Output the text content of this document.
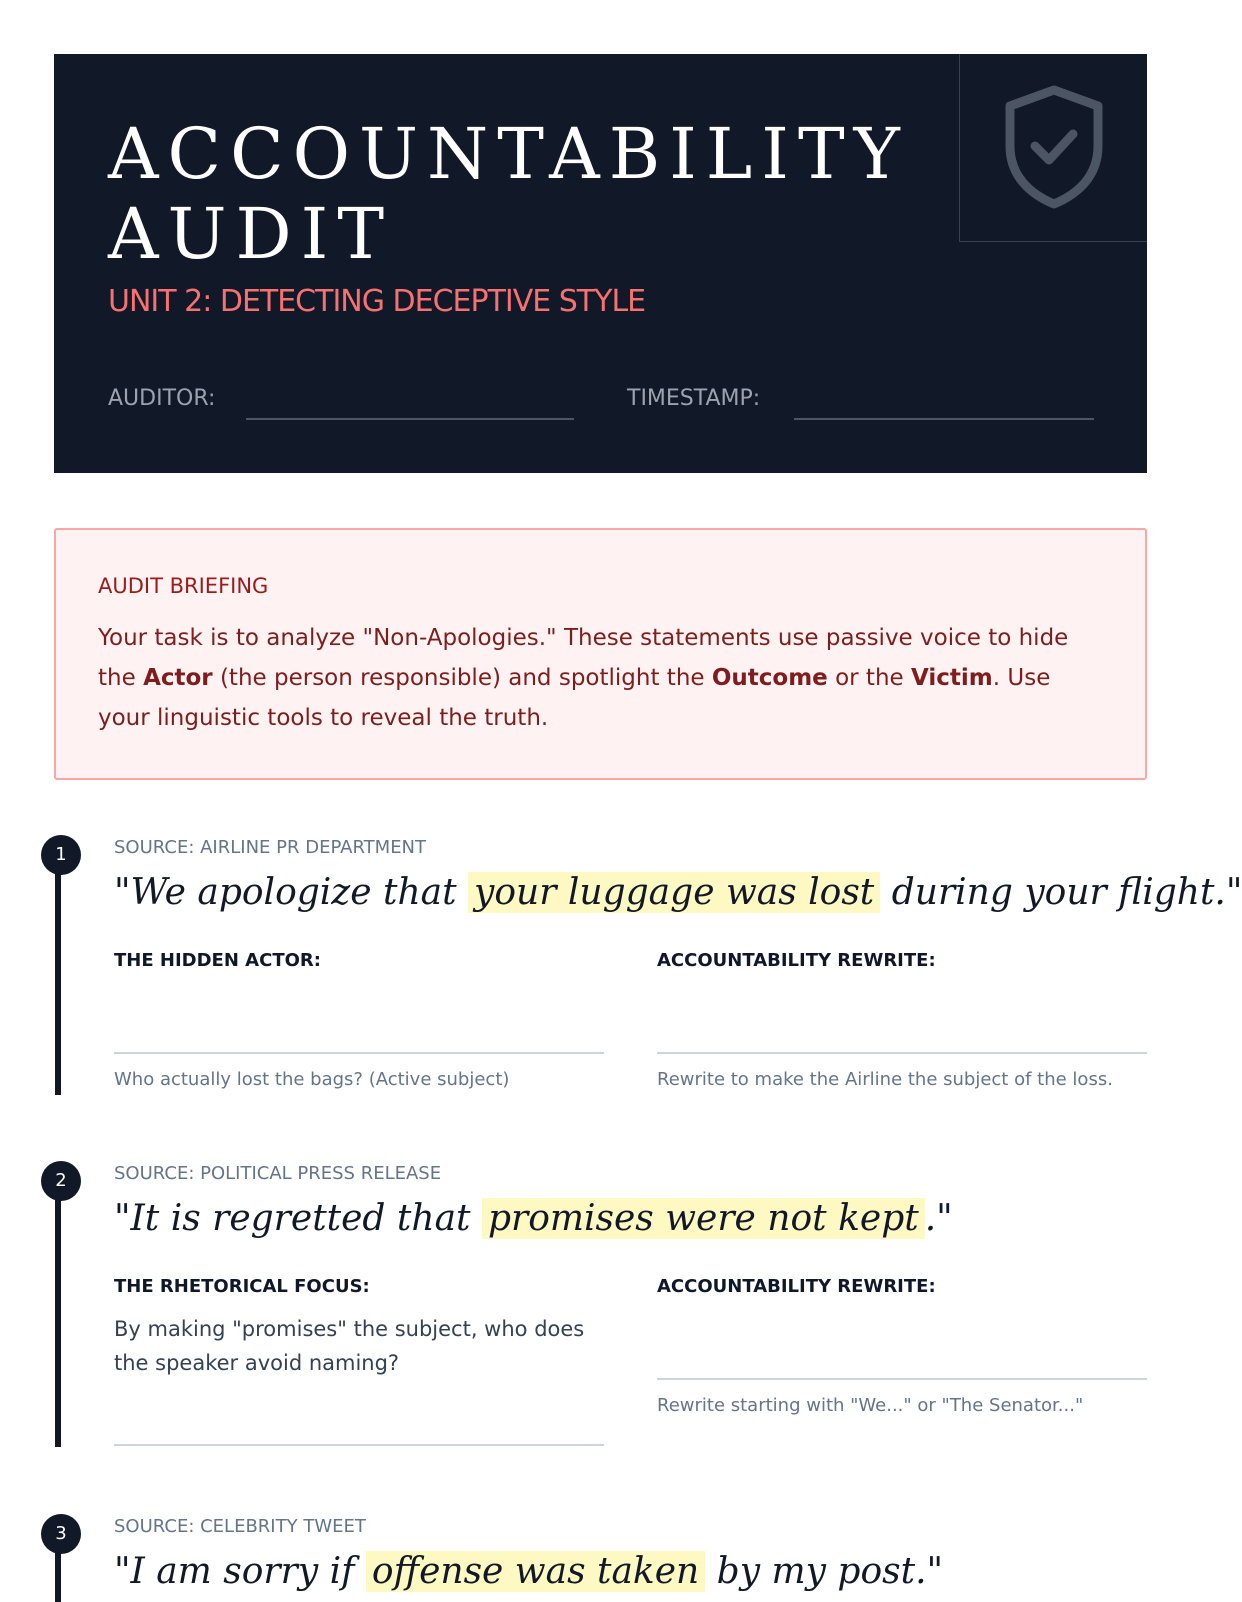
ACCOUNTABILITY
AUDIT
UNIT 2: DETECTING DECEPTIVE STYLE
AUDITOR:	TIMESTAMP:
AUDIT BRIEFING
Your task is to analyze "Non-Apologies." These statements use passive voice to hide the Actor (the person responsible) and spotlight the Outcome or the Victim. Use your linguistic tools to reveal the truth.
1	SOURCE: AIRLINE PR DEPARTMENT
"We apologize that your luggage was lost during your flight."
THE HIDDEN ACTOR:
Who actually lost the bags? (Active subject)
ACCOUNTABILITY REWRITE:
Rewrite to make the Airline the subject of the loss.
2	SOURCE: POLITICAL PRESS RELEASE
"It is regretted that promises were not kept ."
THE RHETORICAL FOCUS:
By making "promises" the subject, who does the speaker avoid naming?
ACCOUNTABILITY REWRITE:
Rewrite starting with "We..." or "The Senator..."
3	SOURCE: CELEBRITY TWEET
"I am sorry if offense was taken by my post."
